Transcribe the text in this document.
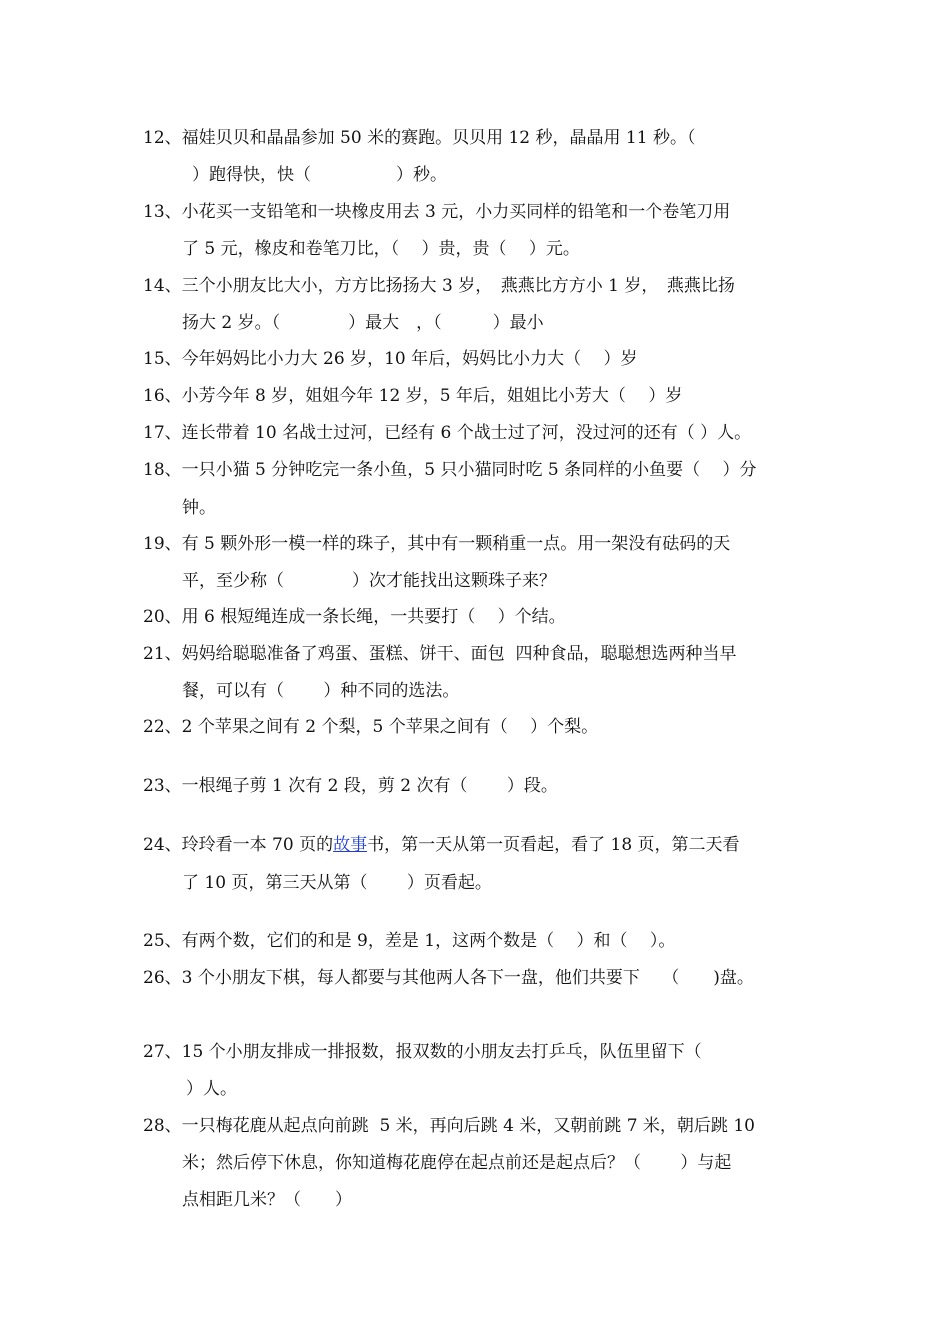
12、福娃贝贝和晶晶参加 50 米的赛跑。贝贝用 12 秒，晶晶用 11 秒。（
）跑得快，快（　　　　　）秒。
13、小花买一支铅笔和一块橡皮用去 3 元，小力买同样的铅笔和一个卷笔刀用
了 5 元，橡皮和卷笔刀比，（　 ）贵，贵（　 ）元。
14、三个小朋友比大小，方方比扬扬大 3 岁，　燕燕比方方小 1 岁，　燕燕比扬
扬大 2 岁。（　　　　）最大　，（　　　）最小
15、今年妈妈比小力大 26 岁，10 年后，妈妈比小力大（　 ）岁
16、小芳今年 8 岁，姐姐今年 12 岁，5 年后，姐姐比小芳大（　 ）岁
17、连长带着 10 名战士过河，已经有 6 个战士过了河，没过河的还有（ ）人。
18、一只小猫 5 分钟吃完一条小鱼，5 只小猫同时吃 5 条同样的小鱼要（　 ）分
钟。
19、有 5 颗外形一模一样的珠子，其中有一颗稍重一点。用一架没有砝码的天
平，至少称（　　　　）次才能找出这颗珠子来？
20、用 6 根短绳连成一条长绳，一共要打（　 ）个结。
21、妈妈给聪聪准备了鸡蛋、蛋糕、饼干、面包  四种食品，聪聪想选两种当早
餐，可以有（　　 ）种不同的选法。
22、2 个苹果之间有 2 个梨，5 个苹果之间有（　 ）个梨。
23、一根绳子剪 1 次有 2 段，剪 2 次有（　　 ）段。
24、玲玲看一本 70 页的故事书，第一天从第一页看起，看了 18 页，第二天看
了 10 页，第三天从第（　　 ）页看起。
25、有两个数，它们的和是 9，差是 1，这两个数是（　 ）和（　 ）。
26、3 个小朋友下棋，每人都要与其他两人各下一盘，他们共要下　 （　　)盘。
27、15 个小朋友排成一排报数，报双数的小朋友去打乒乓，队伍里留下（
）人。
28、一只梅花鹿从起点向前跳  5 米，再向后跳 4 米，又朝前跳 7 米，朝后跳 10
米；然后停下休息，你知道梅花鹿停在起点前还是起点后？（　　 ）与起
点相距几米？（　　）
